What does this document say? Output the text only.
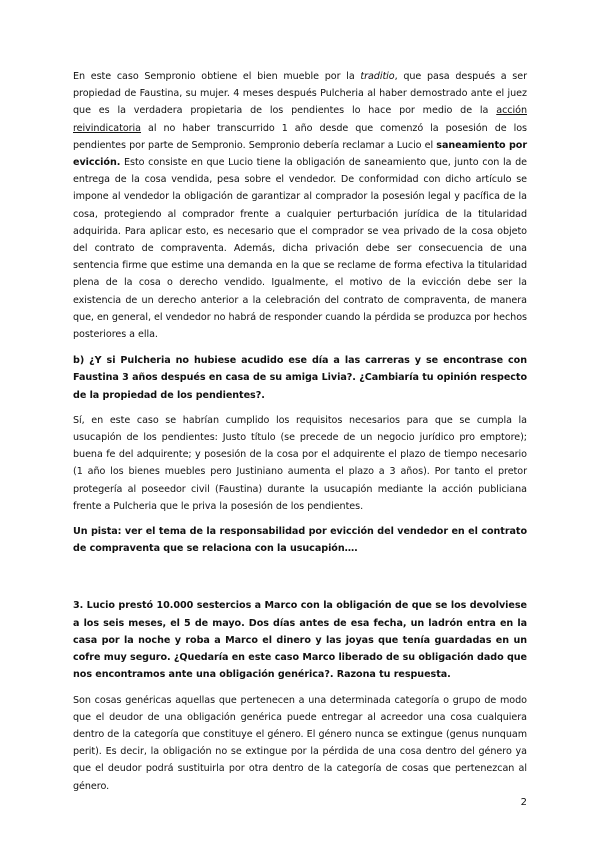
En este caso Sempronio obtiene el bien mueble por la traditio, que pasa después a ser propiedad de Faustina, su mujer. 4 meses después Pulcheria al haber demostrado ante el juez que es la verdadera propietaria de los pendientes lo hace por medio de la acción reivindicatoria al no haber transcurrido 1 año desde que comenzó la posesión de los pendientes por parte de Sempronio. Sempronio debería reclamar a Lucio el saneamiento por evicción. Esto consiste en que Lucio tiene la obligación de saneamiento que, junto con la de entrega de la cosa vendida, pesa sobre el vendedor. De conformidad con dicho artículo se impone al vendedor la obligación de garantizar al comprador la posesión legal y pacífica de la cosa, protegiendo al comprador frente a cualquier perturbación jurídica de la titularidad adquirida. Para aplicar esto, es necesario que el comprador se vea privado de la cosa objeto del contrato de compraventa. Además, dicha privación debe ser consecuencia de una sentencia firme que estime una demanda en la que se reclame de forma efectiva la titularidad plena de la cosa o derecho vendido. Igualmente, el motivo de la evicción debe ser la existencia de un derecho anterior a la celebración del contrato de compraventa, de manera que, en general, el vendedor no habrá de responder cuando la pérdida se produzca por hechos posteriores a ella.

b) ¿Y si Pulcheria no hubiese acudido ese día a las carreras y se encontrase con Faustina 3 años después en casa de su amiga Livia?. ¿Cambiaría tu opinión respecto de la propiedad de los pendientes?.

Sí, en este caso se habrían cumplido los requisitos necesarios para que se cumpla la usucapión de los pendientes: Justo título (se precede de un negocio jurídico pro emptore); buena fe del adquirente; y posesión de la cosa por el adquirente el plazo de tiempo necesario (1 año los bienes muebles pero Justiniano aumenta el plazo a 3 años). Por tanto el pretor protegería al poseedor civil (Faustina) durante la usucapión mediante la acción publiciana frente a Pulcheria que le priva la posesión de los pendientes.

Un pista: ver el tema de la responsabilidad por evicción del vendedor en el contrato de compraventa que se relaciona con la usucapión….

3. Lucio prestó 10.000 sestercios a Marco con la obligación de que se los devolviese a los seis meses, el 5 de mayo. Dos días antes de esa fecha, un ladrón entra en la casa por la noche y roba a Marco el dinero y las joyas que tenía guardadas en un cofre muy seguro. ¿Quedaría en este caso Marco liberado de su obligación dado que nos encontramos ante una obligación genérica?. Razona tu respuesta.

Son cosas genéricas aquellas que pertenecen a una determinada categoría o grupo de modo que el deudor de una obligación genérica puede entregar al acreedor una cosa cualquiera dentro de la categoría que constituye el género. El género nunca se extingue (genus nunquam perit). Es decir, la obligación no se extingue por la pérdida de una cosa dentro del género ya que el deudor podrá sustituirla por otra dentro de la categoría de cosas que pertenezcan al género.

2
